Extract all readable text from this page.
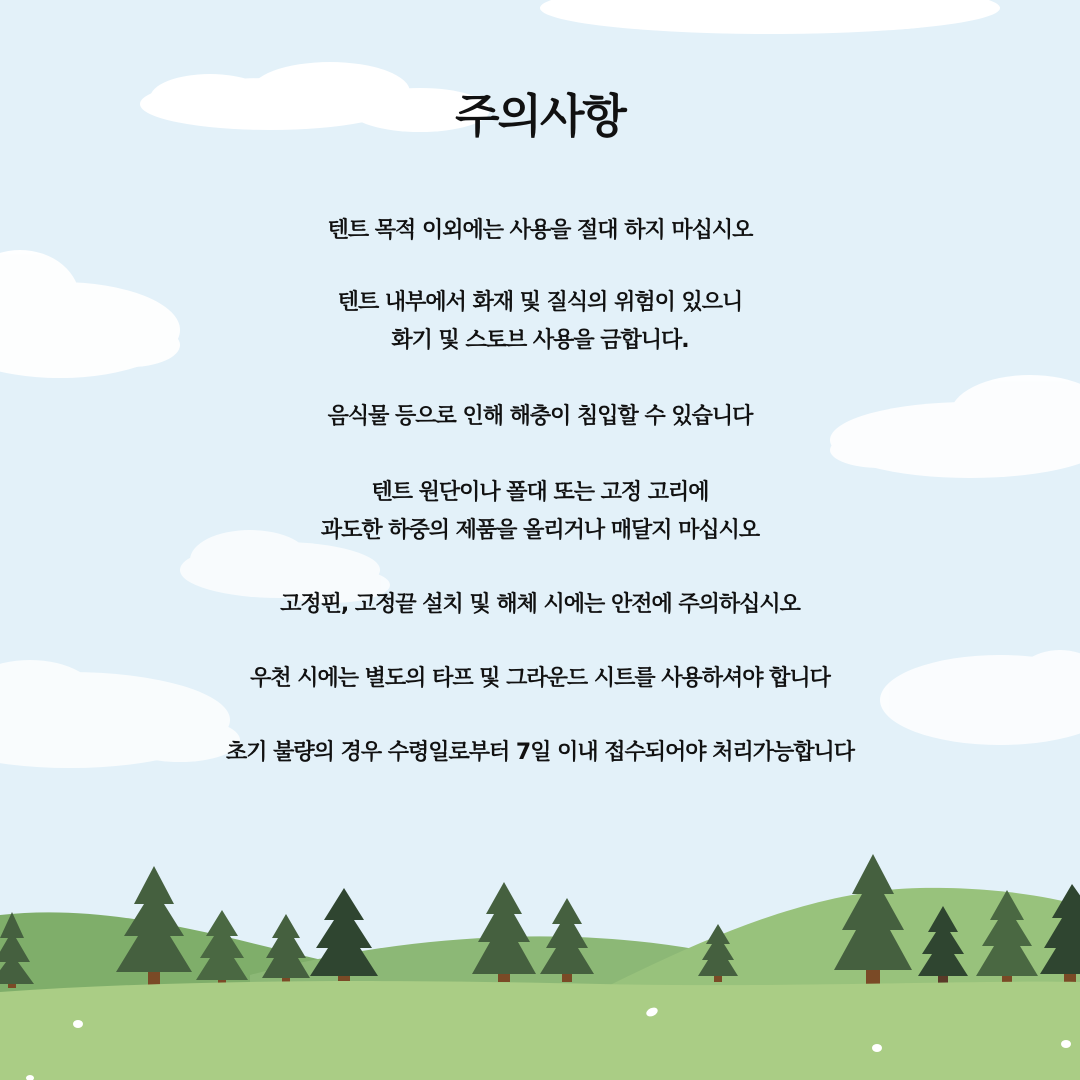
주의사항

텐트 목적 이외에는 사용을 절대 하지 마십시오

텐트 내부에서 화재 및 질식의 위험이 있으니
화기 및 스토브 사용을 금합니다.

음식물 등으로 인해 해충이 침입할 수 있습니다

텐트 원단이나 폴대 또는 고정 고리에
과도한 하중의 제품을 올리거나 매달지 마십시오

고정핀, 고정끝 설치 및 해체 시에는 안전에 주의하십시오

우천 시에는 별도의 타프 및 그라운드 시트를 사용하셔야 합니다

초기 불량의 경우 수령일로부터 7일 이내 접수되어야 처리가능합니다
